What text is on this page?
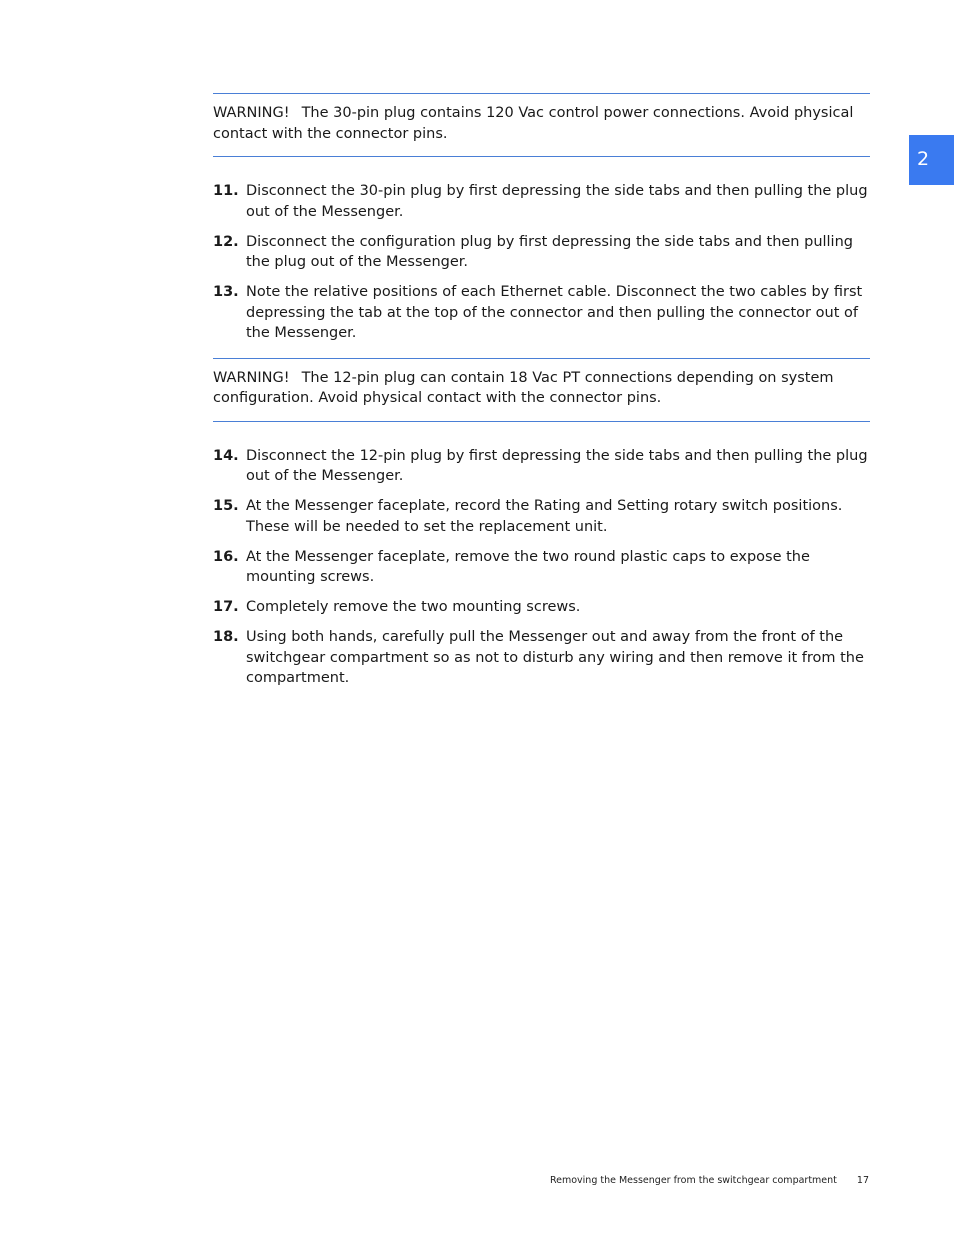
2
WARNING! The 30-pin plug contains 120 Vac control power connections. Avoid physical contact with the connector pins.
11. Disconnect the 30-pin plug by first depressing the side tabs and then pulling the plug out of the Messenger.
12. Disconnect the configuration plug by first depressing the side tabs and then pulling the plug out of the Messenger.
13. Note the relative positions of each Ethernet cable. Disconnect the two cables by first depressing the tab at the top of the connector and then pulling the connector out of the Messenger.
WARNING! The 12-pin plug can contain 18 Vac PT connections depending on system configuration. Avoid physical contact with the connector pins.
14. Disconnect the 12-pin plug by first depressing the side tabs and then pulling the plug out of the Messenger.
15. At the Messenger faceplate, record the Rating and Setting rotary switch positions. These will be needed to set the replacement unit.
16. At the Messenger faceplate, remove the two round plastic caps to expose the mounting screws.
17. Completely remove the two mounting screws.
18. Using both hands, carefully pull the Messenger out and away from the front of the switchgear compartment so as not to disturb any wiring and then remove it from the compartment.
Removing the Messenger from the switchgear compartment 17
